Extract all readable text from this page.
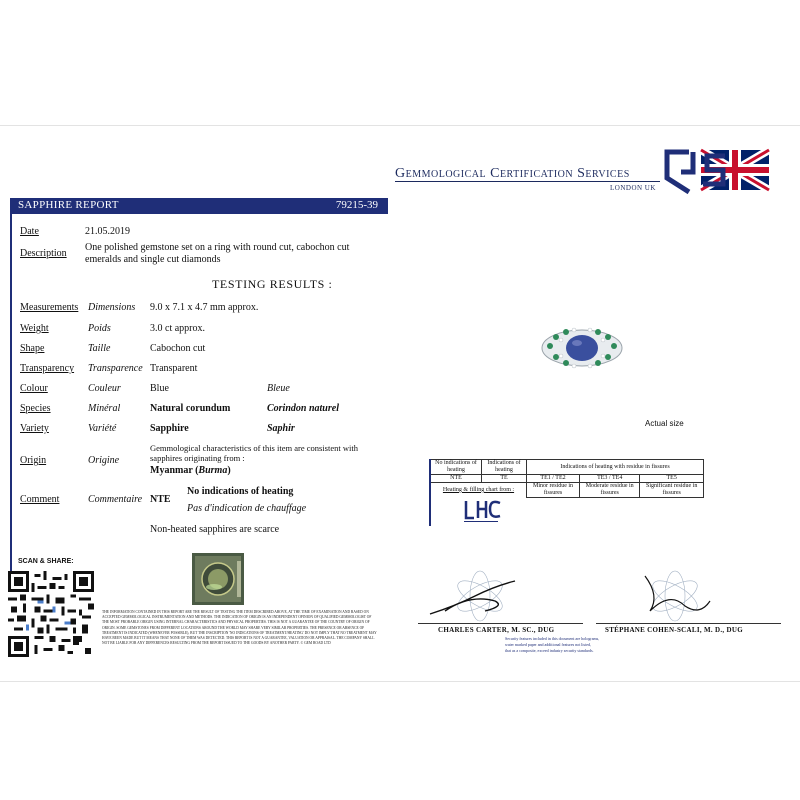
Gemmological Certification Services
LONDON UK
SAPPHIRE REPORT	79215-39
Date	21.05.2019
Description
One polished gemstone set on a ring with round cut, cabochon cut
emeralds and single cut diamonds
TESTING RESULTS :
Measurements Dimensions 9.0 x 7.1 x 4.7 mm approx.
Weight	Poids	3.0 ct approx.
Shape	Taille	Cabochon cut
Transparency Transparence Transparent
Colour	Couleur	Blue	Bleue
Species	Minéral	Natural corundum	Corindon naturel
Variety	Variété	Sapphire	Saphir
Origin	Origine
Gemmological characteristics of this item are consistent with
sapphires originating from :
Myanmar (Burma)
Comment	Commentaire NTE
No indications of heating
Pas d'indication de chauffage
Non-heated sapphires are scarce
Actual size
No indications of heating	Indications of heating	Indications of heating with residue in fissures		
NTE	TE	TE1 / TE2	TE3 / TE4	TE5
Heating & filling chart from :		Minor residue in fissures	Moderate residue in fissures	Significant residue in fissures
CHARLES CARTER, M. SC., DUG	STÉPHANE COHEN-SCALI, M. D., DUG
Security features included in this document are holograms,
water marked paper and additional features not listed,
that as a composite, exceed industry security standards.
SCAN & SHARE:
THE INFORMATION CONTAINED IN THIS REPORT ARE THE RESULT OF TESTING THE ITEM DESCRIBED ABOVE, AT THE TIME OF EXAMINATION AND BASED ON ACCEPTED GEMMOLOGICAL INSTRUMENTATION AND METHODS. THE INDICATION OF ORIGIN IS AN INDEPENDENT OPINION OF QUALIFIED GEMMOLOGIST OF THE MOST PROBABLE ORIGIN USING INTERNAL CHARACTERISTICS AND PHYSICAL PROPERTIES. THIS IS NOT A GUARANTEE OF THE COUNTRY OF ORIGIN OF ORIGIN. SOME GEMSTONES FROM DIFFERENT LOCATIONS AROUND THE WORLD MAY SHARE VERY SIMILAR PROPERTIES. THE PRESENCE OR ABSENCE OF TREATMENT IS INDICATED (WHENEVER POSSIBLE), BUT THE INSCRIPTION 'NO INDICATIONS OF TREATMENT/HEATING' DO NOT IMPLY THAT NO TREATMENT MAY HAVE BEEN MADE BUT IT MEANS THAT NONE OF THEM WAS DETECTED. THIS REPORT IS NOT A GUARANTEE, VALUATION OR APPRAISAL. THE COMPANY SHALL NOT BE LIABLE FOR ANY DIFFERENCES RESULTING FROM THE REPORT ISSUED TO THE GOODS BY ANOTHER PARTY. © GEM ROAD LTD
